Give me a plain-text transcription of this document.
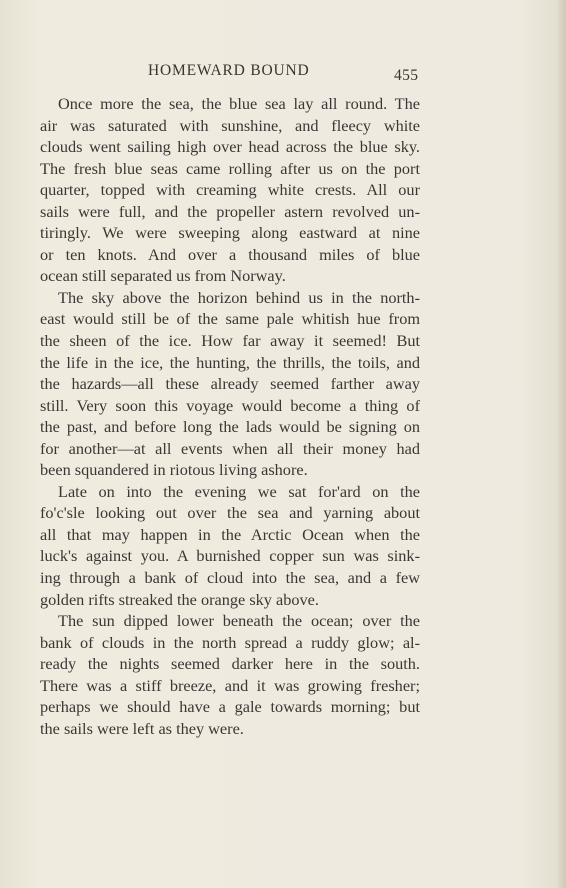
HOMEWARD BOUND	455
Once more the sea, the blue sea lay all round. The
air was saturated with sunshine, and fleecy white
clouds went sailing high over head across the blue sky.
The fresh blue seas came rolling after us on the port
quarter, topped with creaming white crests. All our
sails were full, and the propeller astern revolved un-
tiringly. We were sweeping along eastward at nine
or ten knots. And over a thousand miles of blue
ocean still separated us from Norway.
The sky above the horizon behind us in the north-
east would still be of the same pale whitish hue from
the sheen of the ice. How far away it seemed! But
the life in the ice, the hunting, the thrills, the toils, and
the hazards—all these already seemed farther away
still. Very soon this voyage would become a thing of
the past, and before long the lads would be signing on
for another—at all events when all their money had
been squandered in riotous living ashore.
Late on into the evening we sat for'ard on the
fo'c'sle looking out over the sea and yarning about
all that may happen in the Arctic Ocean when the
luck's against you. A burnished copper sun was sink-
ing through a bank of cloud into the sea, and a few
golden rifts streaked the orange sky above.
The sun dipped lower beneath the ocean; over the
bank of clouds in the north spread a ruddy glow; al-
ready the nights seemed darker here in the south.
There was a stiff breeze, and it was growing fresher;
perhaps we should have a gale towards morning; but
the sails were left as they were.
